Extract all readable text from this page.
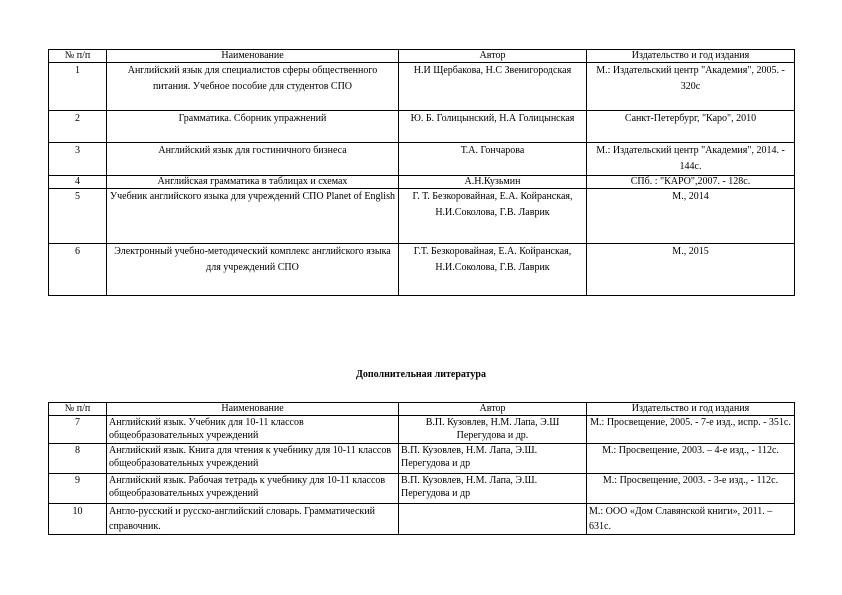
№ п/п	Наименование	Автор	Издательство и год издания
1	Английский язык для специалистов сферы общественного питания. Учебное пособие для студентов СПО	Н.И Щербакова, Н.С Звенигородская	М.: Издательский центр "Академия", 2005. - 320с
2	Грамматика. Сборник упражнений	Ю. Б. Голицынский, Н.А Голицынская	Санкт-Петербург, "Каро", 2010
3	Английский язык для гостиничного бизнеса	Т.А. Гончарова	М.: Издательский центр "Академия", 2014. - 144с.
4	Английская грамматика в таблицах и схемах	А.Н.Кузьмин	СПб. : "КАРО",2007. - 128с.
5	Учебник английского языка для учреждений СПО Planet of English	Г. Т. Безкоровайная, Е.А. Койранская, Н.И.Соколова, Г.В. Лаврик	М., 2014
6	Электронный учебно-методический комплекс английского языка для учреждений СПО	Г.Т. Безкоровайная, Е.А. Койранская, Н.И.Соколова, Г.В. Лаврик	М., 2015
Дополнительная литература
№ п/п	Наименование	Автор	Издательство и год издания
7	Английский язык. Учебник для 10-11 классов общеобразовательных учреждений	В.П. Кузовлев, Н.М. Лапа, Э.Ш Перегудова и др.	М.: Просвещение, 2005. - 7-е изд., испр. - 351с.
8	Английский язык. Книга для чтения к учебнику для 10-11 классов общеобразовательных учреждений	В.П. Кузовлев, Н.М. Лапа, Э.Ш. Перегудова и др	М.: Просвещение, 2003. – 4-е изд., - 112с.
9	Английский язык. Рабочая тетрадь к учебнику для 10-11 классов общеобразовательных учреждений	В.П. Кузовлев, Н.М. Лапа, Э.Ш. Перегудова и др	М.: Просвещение, 2003. - 3-е изд., - 112с.
10	Англо-русский и русско-английский словарь. Грамматический справочник.		М.: ООО «Дом Славянской книги», 2011. – 631с.
